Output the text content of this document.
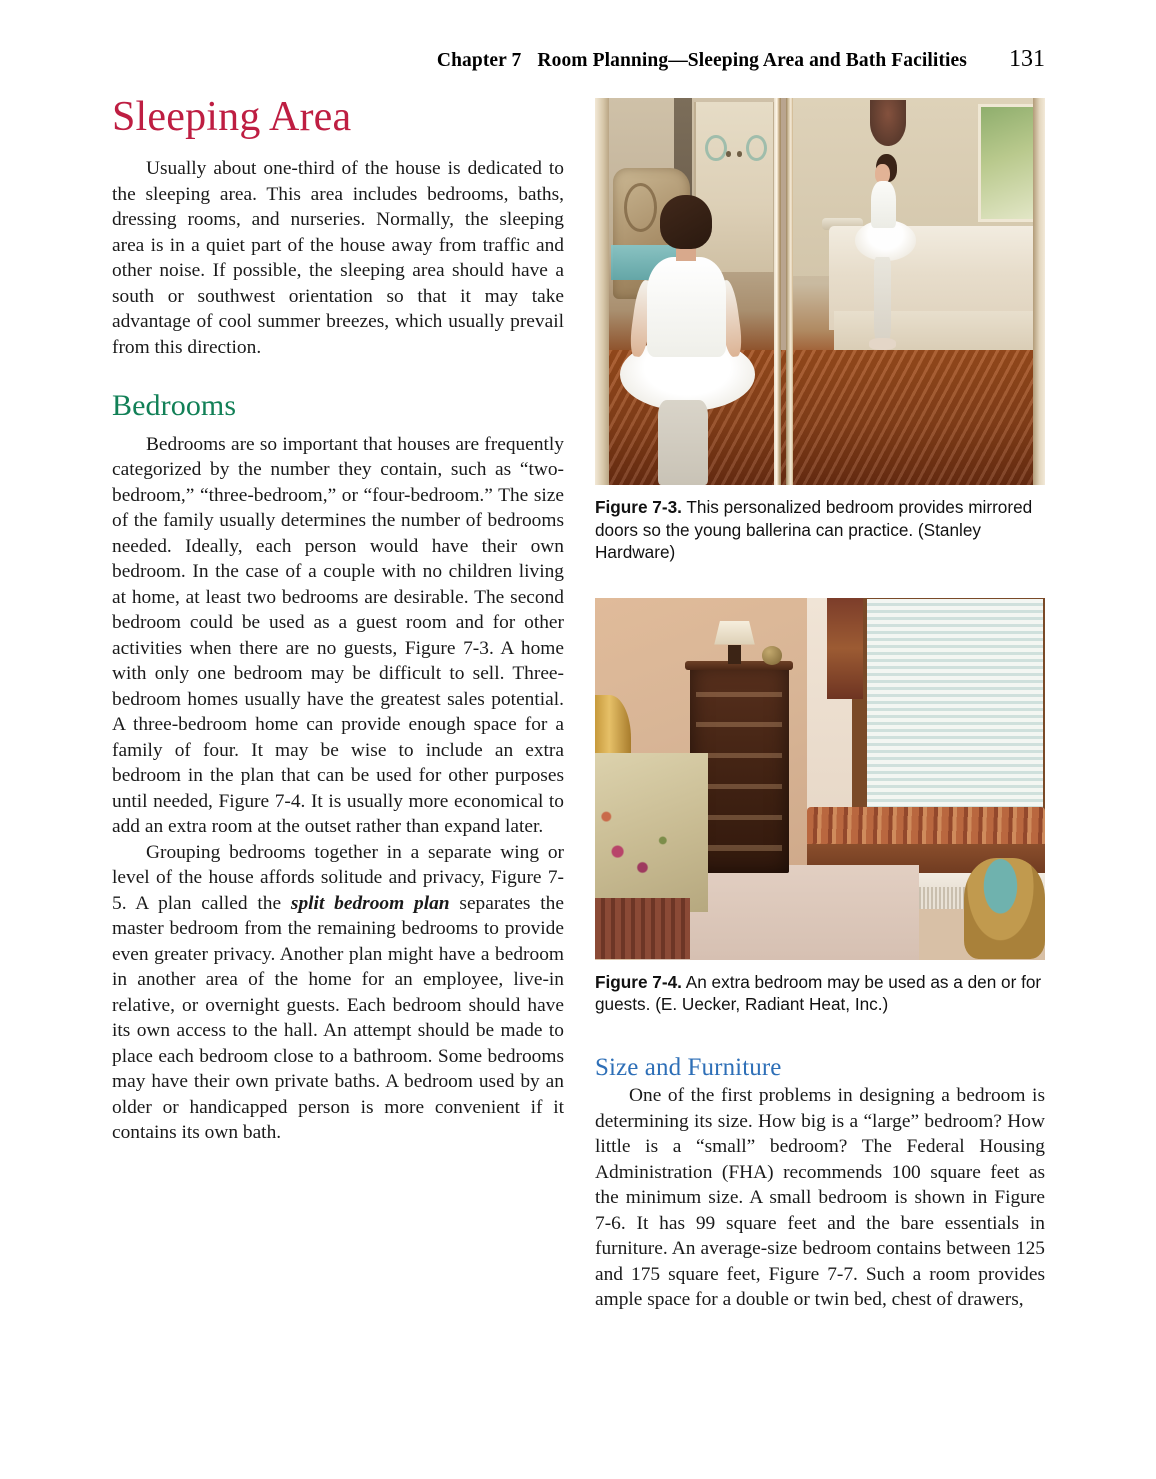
Chapter 7 Room Planning—Sleeping Area and Bath Facilities 131
Sleeping Area

Usually about one-third of the house is dedicated to the sleeping area. This area includes bedrooms, baths, dressing rooms, and nurseries. Normally, the sleeping area is in a quiet part of the house away from traffic and other noise. If possible, the sleeping area should have a south or southwest orientation so that it may take advantage of cool summer breezes, which usually prevail from this direction.

Bedrooms

Bedrooms are so important that houses are frequently categorized by the number they contain, such as “two-bedroom,” “three-bedroom,” or “four-bedroom.” The size of the family usually determines the number of bedrooms needed. Ideally, each person would have their own bedroom. In the case of a couple with no children living at home, at least two bedrooms are desirable. The second bedroom could be used as a guest room and for other activities when there are no guests, Figure 7-3. A home with only one bedroom may be difficult to sell. Three-bedroom homes usually have the greatest sales potential. A three-bedroom home can provide enough space for a family of four. It may be wise to include an extra bedroom in the plan that can be used for other purposes until needed, Figure 7-4. It is usually more economical to add an extra room at the outset rather than expand later.

Grouping bedrooms together in a separate wing or level of the house affords solitude and privacy, Figure 7-5. A plan called the split bedroom plan separates the master bedroom from the remaining bedrooms to provide even greater privacy. Another plan might have a bedroom in another area of the home for an employee, live-in relative, or overnight guests. Each bedroom should have its own access to the hall. An attempt should be made to place each bedroom close to a bathroom. Some bedrooms may have their own private baths. A bedroom used by an older or handicapped person is more convenient if it contains its own bath.

Figure 7-3. This personalized bedroom provides mirrored doors so the young ballerina can practice. (Stanley Hardware)
Figure 7-4. An extra bedroom may be used as a den or for guests. (E. Uecker, Radiant Heat, Inc.)
Size and Furniture

One of the first problems in designing a bedroom is determining its size. How big is a “large” bedroom? How little is a “small” bedroom? The Federal Housing Administration (FHA) recommends 100 square feet as the minimum size. A small bedroom is shown in Figure 7-6. It has 99 square feet and the bare essentials in furniture. An average-size bedroom contains between 125 and 175 square feet, Figure 7-7. Such a room provides ample space for a double or twin bed, chest of drawers,
